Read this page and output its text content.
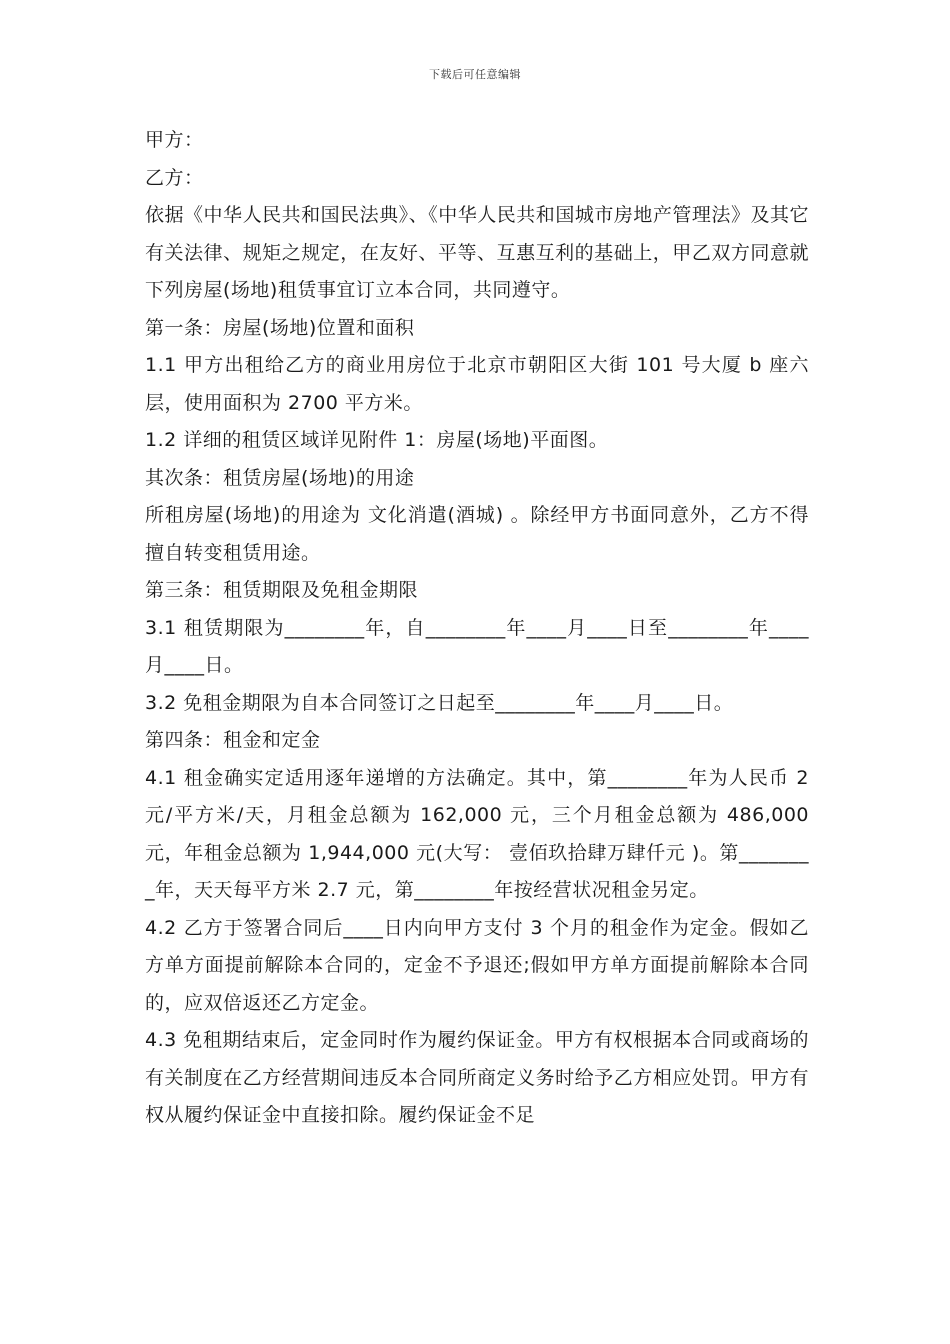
下载后可任意编辑

甲方：

乙方：

依据《中华人民共和国民法典》、《中华人民共和国城市房地产管理法》及其它有关法律、规矩之规定，在友好、平等、互惠互利的基础上，甲乙双方同意就下列房屋(场地)租赁事宜订立本合同，共同遵守。

第一条：房屋(场地)位置和面积

1.1 甲方出租给乙方的商业用房位于北京市朝阳区大街 101 号大厦 b 座六层，使用面积为 2700 平方米。

1.2 详细的租赁区域详见附件 1：房屋(场地)平面图。

其次条：租赁房屋(场地)的用途

所租房屋(场地)的用途为 文化消遣(酒城) 。除经甲方书面同意外，乙方不得擅自转变租赁用途。

第三条：租赁期限及免租金期限

3.1 租赁期限为________年，自________年____月____日至________年____月____日。

3.2 免租金期限为自本合同签订之日起至________年____月____日。

第四条：租金和定金

4.1 租金确实定适用逐年递增的方法确定。其中，第________年为人民币 2 元/平方米/天，月租金总额为 162,000 元，三个月租金总额为 486,000 元，年租金总额为 1,944,000 元(大写： 壹佰玖拾肆万肆仟元 )。第________年，天天每平方米 2.7 元，第________年按经营状况租金另定。

4.2 乙方于签署合同后____日内向甲方支付 3 个月的租金作为定金。假如乙方单方面提前解除本合同的，定金不予退还;假如甲方单方面提前解除本合同的，应双倍返还乙方定金。

4.3 免租期结束后，定金同时作为履约保证金。甲方有权根据本合同或商场的有关制度在乙方经营期间违反本合同所商定义务时给予乙方相应处罚。甲方有权从履约保证金中直接扣除。履约保证金不足
